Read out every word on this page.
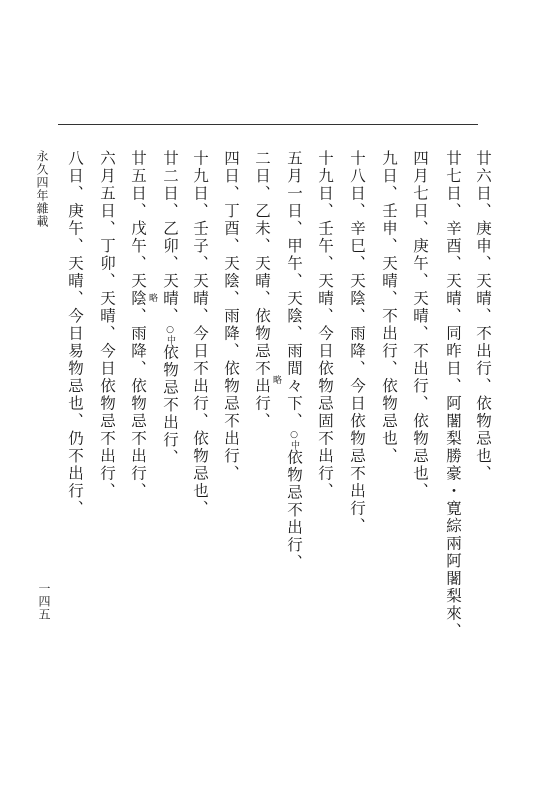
永久四年雜載
一四五
廿六日、庚申、天晴、不出行、依物忌也、
廿七日、辛酉、天晴、同昨日、阿闍梨勝豪・寛綜兩阿闍梨來、
四月七日、庚午、天晴、不出行、依物忌也、
九日、壬申、天晴、不出行、依物忌也、
十八日、辛巳、天陰、雨降、今日依物忌不出行、
十九日、壬午、天晴、今日依物忌固不出行、
五月一日、甲午、天陰、雨間々下、○中依物忌不出行、
略
二日、乙未、天晴、依物忌不出行、
四日、丁酉、天陰、雨降、依物忌不出行、
十九日、壬子、天晴、今日不出行、依物忌也、
廿二日、乙卯、天晴、○中依物忌不出行、
略
廿五日、戊午、天陰、雨降、依物忌不出行、
六月五日、丁卯、天晴、今日依物忌不出行、
八日、庚午、天晴、今日易物忌也、仍不出行、
